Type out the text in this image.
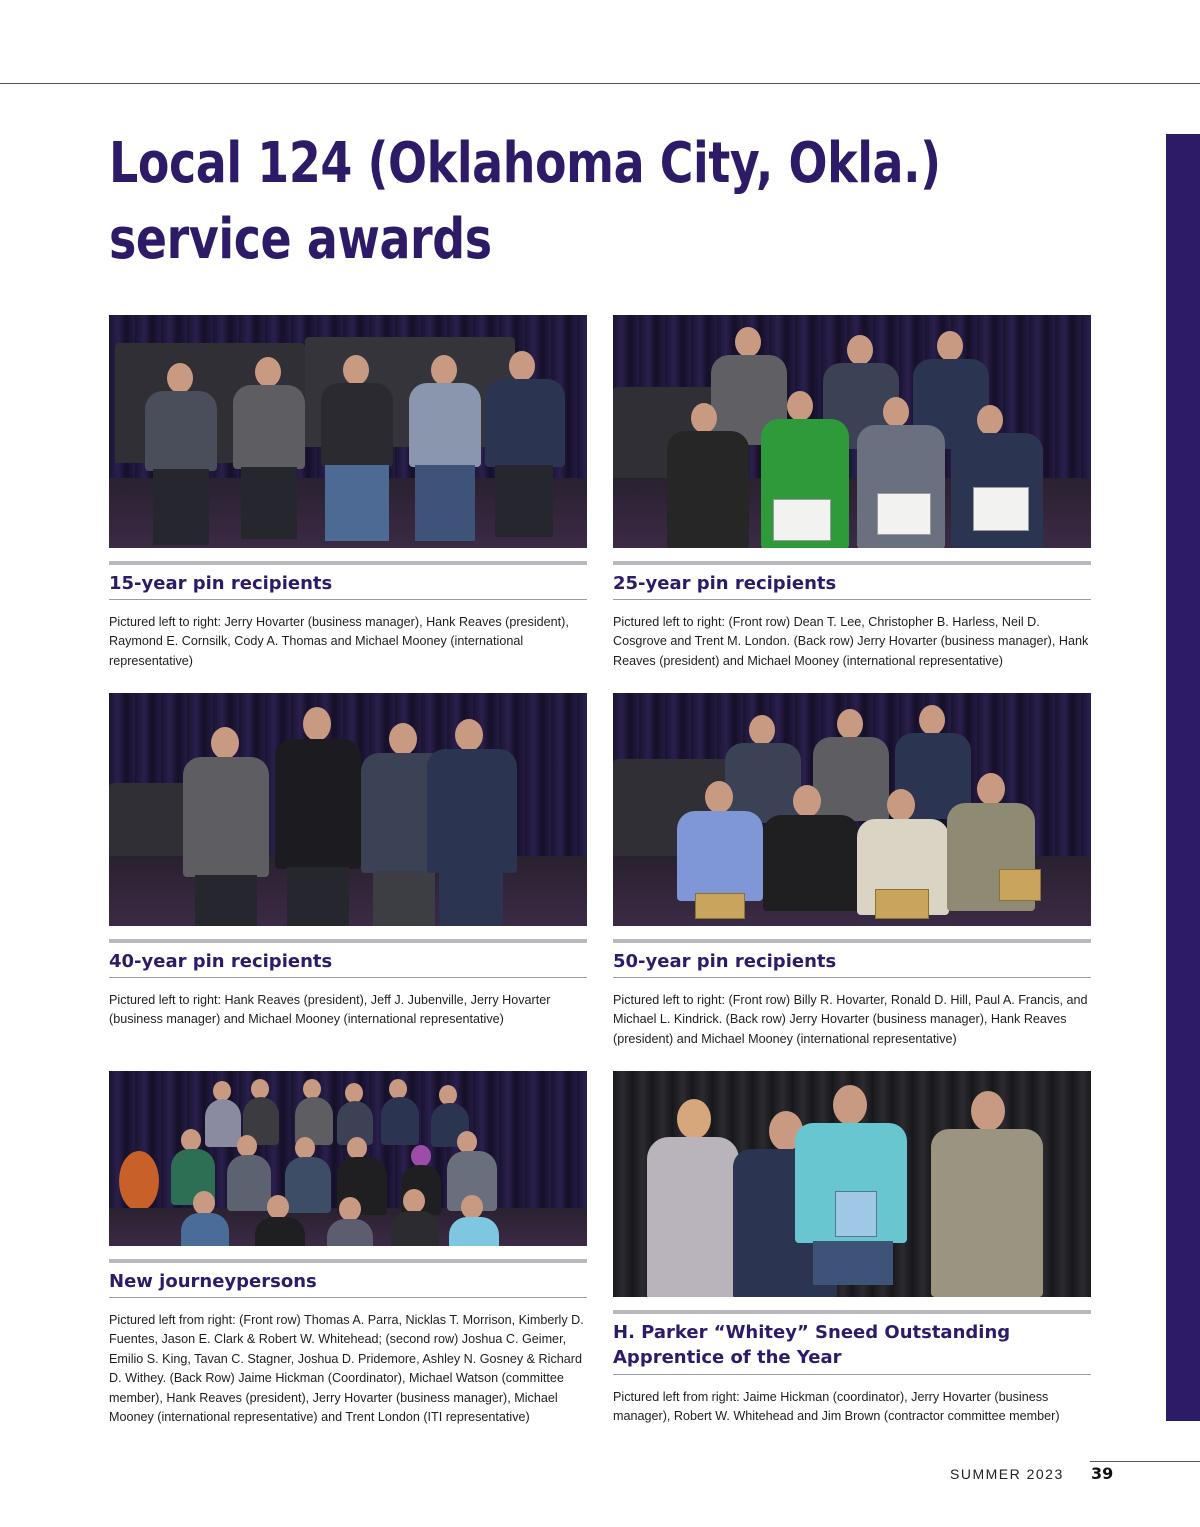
Local 124 (Oklahoma City, Okla.)
service awards
15-year pin recipients

Pictured left to right: Jerry Hovarter (business manager), Hank Reaves (president), Raymond E. Cornsilk, Cody A. Thomas and Michael Mooney (international representative)

25-year pin recipients

Pictured left to right: (Front row) Dean T. Lee, Christopher B. Harless, Neil D. Cosgrove and Trent M. London. (Back row) Jerry Hovarter (business manager), Hank Reaves (president) and Michael Mooney (international representative)

40-year pin recipients

Pictured left to right: Hank Reaves (president), Jeff J. Jubenville, Jerry Hovarter (business manager) and Michael Mooney (international representative)

50-year pin recipients

Pictured left to right: (Front row) Billy R. Hovarter, Ronald D. Hill, Paul A. Francis, and Michael L. Kindrick. (Back row) Jerry Hovarter (business manager), Hank Reaves (president) and Michael Mooney (international representative)

New journeypersons

Pictured left from right: (Front row) Thomas A. Parra, Nicklas T. Morrison, Kimberly D. Fuentes, Jason E. Clark & Robert W. Whitehead; (second row) Joshua C. Geimer, Emilio S. King, Tavan C. Stagner, Joshua D. Pridemore, Ashley N. Gosney & Richard D. Withey. (Back Row) Jaime Hickman (Coordinator), Michael Watson (committee member), Hank Reaves (president), Jerry Hovarter (business manager), Michael Mooney (international representative) and Trent London (ITI representative)

H. Parker “Whitey” Sneed Outstanding Apprentice of the Year

Pictured left from right: Jaime Hickman (coordinator), Jerry Hovarter (business manager), Robert W. Whitehead and Jim Brown (contractor committee member)

SUMMER 2023 39
